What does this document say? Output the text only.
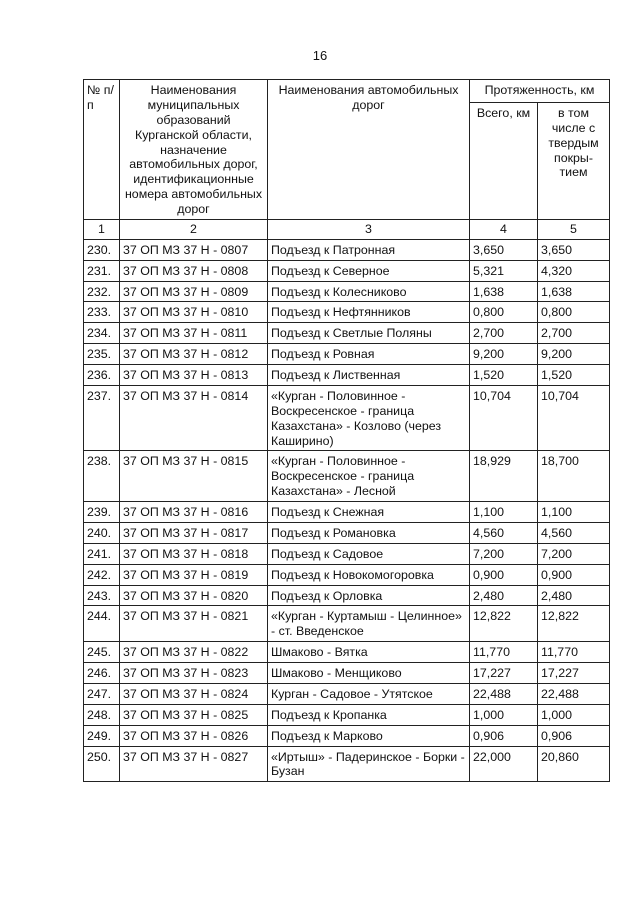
16
№ п/п	Наименования муниципальных образований Курганской области, назначение автомобильных дорог, идентификационные номера автомобильных дорог	Наименования автомобильных дорог	Протяженность, км	
			Всего, км	в том числе с твердым покры-тием
1	2	3	4	5
230.	37 ОП МЗ 37 Н - 0807	Подъезд к Патронная	3,650	3,650
231.	37 ОП МЗ 37 Н - 0808	Подъезд к Северное	5,321	4,320
232.	37 ОП МЗ 37 Н - 0809	Подъезд к Колесниково	1,638	1,638
233.	37 ОП МЗ 37 Н - 0810	Подъезд к Нефтянников	0,800	0,800
234.	37 ОП МЗ 37 Н - 0811	Подъезд к Светлые Поляны	2,700	2,700
235.	37 ОП МЗ 37 Н - 0812	Подъезд к Ровная	9,200	9,200
236.	37 ОП МЗ 37 Н - 0813	Подъезд к Лиственная	1,520	1,520
237.	37 ОП МЗ 37 Н - 0814	«Курган - Половинное - Воскресенское - граница Казахстана» - Козлово (через Каширино)	10,704	10,704
238.	37 ОП МЗ 37 Н - 0815	«Курган - Половинное - Воскресенское - граница Казахстана» - Лесной	18,929	18,700
239.	37 ОП МЗ 37 Н - 0816	Подъезд к Снежная	1,100	1,100
240.	37 ОП МЗ 37 Н - 0817	Подъезд к Романовка	4,560	4,560
241.	37 ОП МЗ 37 Н - 0818	Подъезд к Садовое	7,200	7,200
242.	37 ОП МЗ 37 Н - 0819	Подъезд к Новокомогоровка	0,900	0,900
243.	37 ОП МЗ 37 Н - 0820	Подъезд к Орловка	2,480	2,480
244.	37 ОП МЗ 37 Н - 0821	«Курган - Куртамыш - Целинное» - ст. Введенское	12,822	12,822
245.	37 ОП МЗ 37 Н - 0822	Шмаково - Вятка	11,770	11,770
246.	37 ОП МЗ 37 Н - 0823	Шмаково - Менщиково	17,227	17,227
247.	37 ОП МЗ 37 Н - 0824	Курган - Садовое - Утятское	22,488	22,488
248.	37 ОП МЗ 37 Н - 0825	Подъезд к Кропанка	1,000	1,000
249.	37 ОП МЗ 37 Н - 0826	Подъезд к Марково	0,906	0,906
250.	37 ОП МЗ 37 Н - 0827	«Иртыш» - Падеринское - Борки - Бузан	22,000	20,860
